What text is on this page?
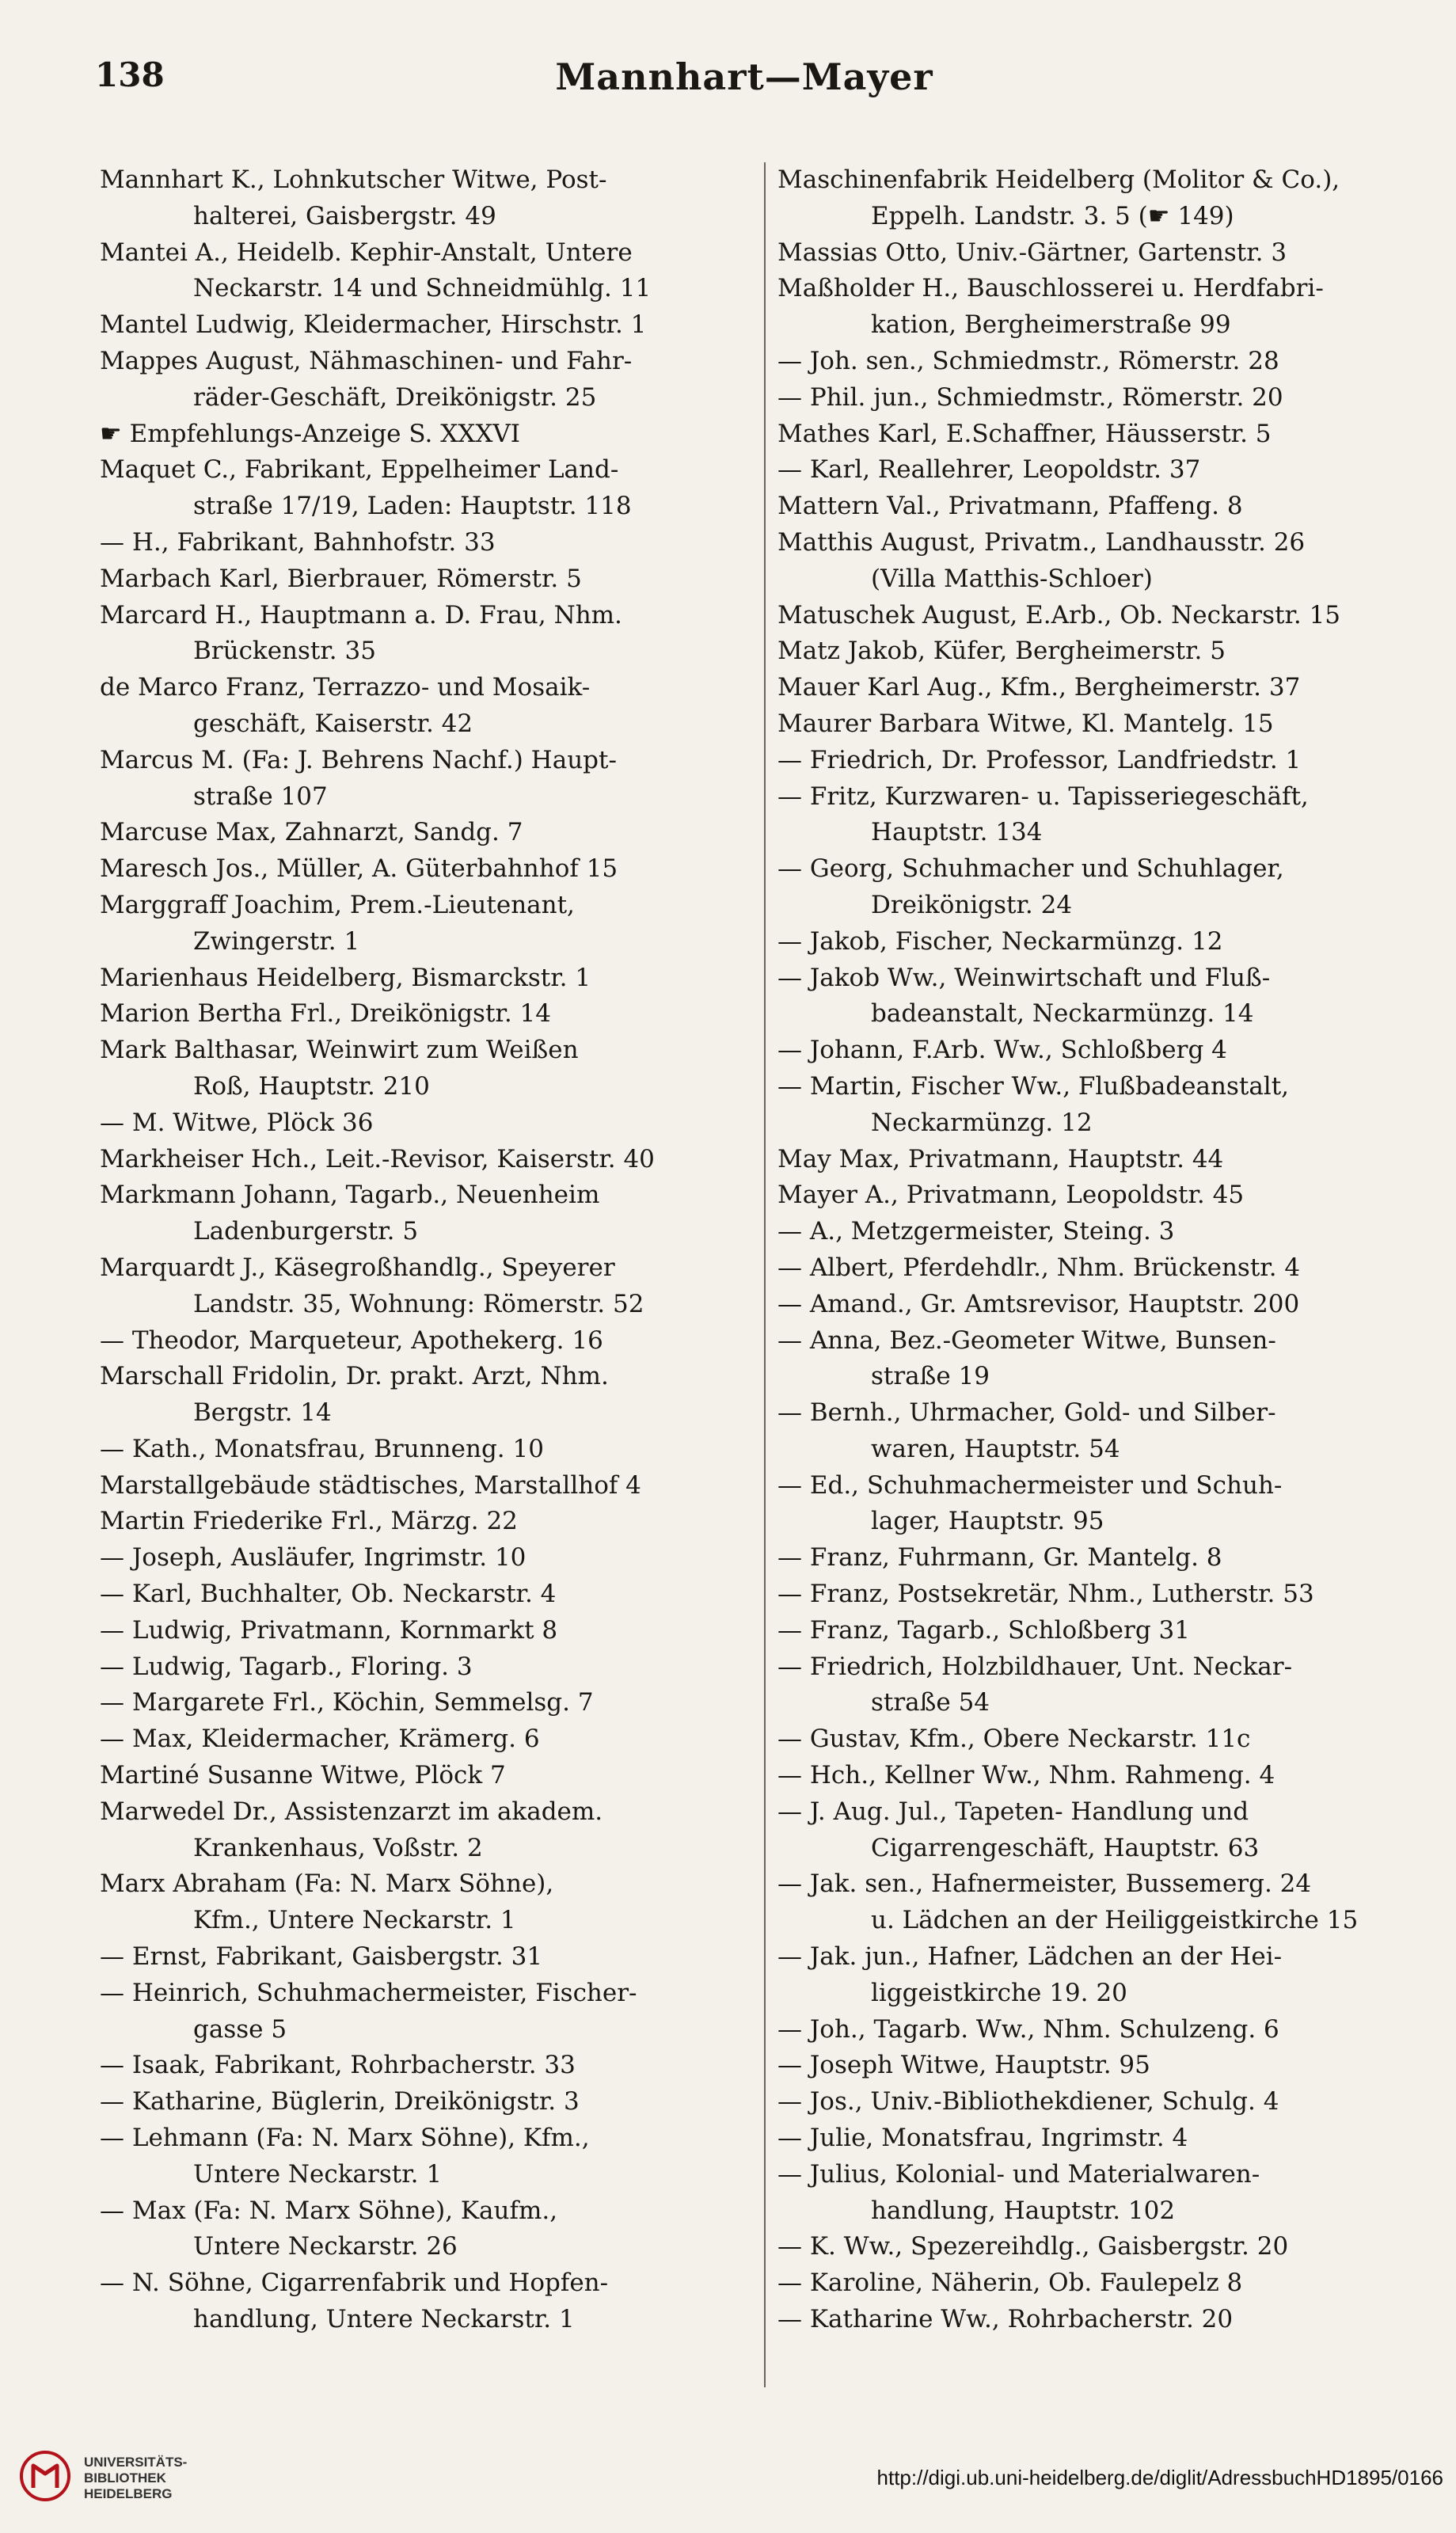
138	Mannhart—Mayer
Mannhart K., Lohnkutscher Witwe, Post-
halterei, Gaisbergstr. 49
Mantei A., Heidelb. Kephir-Anstalt, Untere
Neckarstr. 14 und Schneidmühlg. 11
Mantel Ludwig, Kleidermacher, Hirschstr. 1
Mappes August, Nähmaschinen- und Fahr-
räder-Geschäft, Dreikönigstr. 25
☛ Empfehlungs-Anzeige S. XXXVI
Maquet C., Fabrikant, Eppelheimer Land-
straße 17/19, Laden: Hauptstr. 118
— H., Fabrikant, Bahnhofstr. 33
Marbach Karl, Bierbrauer, Römerstr. 5
Marcard H., Hauptmann a. D. Frau, Nhm.
Brückenstr. 35
de Marco Franz, Terrazzo- und Mosaik-
geschäft, Kaiserstr. 42
Marcus M. (Fa: J. Behrens Nachf.) Haupt-
straße 107
Marcuse Max, Zahnarzt, Sandg. 7
Maresch Jos., Müller, A. Güterbahnhof 15
Marggraff Joachim, Prem.-Lieutenant,
Zwingerstr. 1
Marienhaus Heidelberg, Bismarckstr. 1
Marion Bertha Frl., Dreikönigstr. 14
Mark Balthasar, Weinwirt zum Weißen
Roß, Hauptstr. 210
— M. Witwe, Plöck 36
Markheiser Hch., Leit.-Revisor, Kaiserstr. 40
Markmann Johann, Tagarb., Neuenheim
Ladenburgerstr. 5
Marquardt J., Käsegroßhandlg., Speyerer
Landstr. 35, Wohnung: Römerstr. 52
— Theodor, Marqueteur, Apothekerg. 16
Marschall Fridolin, Dr. prakt. Arzt, Nhm.
Bergstr. 14
— Kath., Monatsfrau, Brunneng. 10
Marstallgebäude städtisches, Marstallhof 4
Martin Friederike Frl., Märzg. 22
— Joseph, Ausläufer, Ingrimstr. 10
— Karl, Buchhalter, Ob. Neckarstr. 4
— Ludwig, Privatmann, Kornmarkt 8
— Ludwig, Tagarb., Floring. 3
— Margarete Frl., Köchin, Semmelsg. 7
— Max, Kleidermacher, Krämerg. 6
Martiné Susanne Witwe, Plöck 7
Marwedel Dr., Assistenzarzt im akadem.
Krankenhaus, Voßstr. 2
Marx Abraham (Fa: N. Marx Söhne),
Kfm., Untere Neckarstr. 1
— Ernst, Fabrikant, Gaisbergstr. 31
— Heinrich, Schuhmachermeister, Fischer-
gasse 5
— Isaak, Fabrikant, Rohrbacherstr. 33
— Katharine, Büglerin, Dreikönigstr. 3
— Lehmann (Fa: N. Marx Söhne), Kfm.,
Untere Neckarstr. 1
— Max (Fa: N. Marx Söhne), Kaufm.,
Untere Neckarstr. 26
— N. Söhne, Cigarrenfabrik und Hopfen-
handlung, Untere Neckarstr. 1
Maschinenfabrik Heidelberg (Molitor & Co.),
Eppelh. Landstr. 3. 5 (☛ 149)
Massias Otto, Univ.-Gärtner, Gartenstr. 3
Maßholder H., Bauschlosserei u. Herdfabri-
kation, Bergheimerstraße 99
— Joh. sen., Schmiedmstr., Römerstr. 28
— Phil. jun., Schmiedmstr., Römerstr. 20
Mathes Karl, E.Schaffner, Häusserstr. 5
— Karl, Reallehrer, Leopoldstr. 37
Mattern Val., Privatmann, Pfaffeng. 8
Matthis August, Privatm., Landhausstr. 26
(Villa Matthis-Schloer)
Matuschek August, E.Arb., Ob. Neckarstr. 15
Matz Jakob, Küfer, Bergheimerstr. 5
Mauer Karl Aug., Kfm., Bergheimerstr. 37
Maurer Barbara Witwe, Kl. Mantelg. 15
— Friedrich, Dr. Professor, Landfriedstr. 1
— Fritz, Kurzwaren- u. Tapisseriegeschäft,
Hauptstr. 134
— Georg, Schuhmacher und Schuhlager,
Dreikönigstr. 24
— Jakob, Fischer, Neckarmünzg. 12
— Jakob Ww., Weinwirtschaft und Fluß-
badeanstalt, Neckarmünzg. 14
— Johann, F.Arb. Ww., Schloßberg 4
— Martin, Fischer Ww., Flußbadeanstalt,
Neckarmünzg. 12
May Max, Privatmann, Hauptstr. 44
Mayer A., Privatmann, Leopoldstr. 45
— A., Metzgermeister, Steing. 3
— Albert, Pferdehdlr., Nhm. Brückenstr. 4
— Amand., Gr. Amtsrevisor, Hauptstr. 200
— Anna, Bez.-Geometer Witwe, Bunsen-
straße 19
— Bernh., Uhrmacher, Gold- und Silber-
waren, Hauptstr. 54
— Ed., Schuhmachermeister und Schuh-
lager, Hauptstr. 95
— Franz, Fuhrmann, Gr. Mantelg. 8
— Franz, Postsekretär, Nhm., Lutherstr. 53
— Franz, Tagarb., Schloßberg 31
— Friedrich, Holzbildhauer, Unt. Neckar-
straße 54
— Gustav, Kfm., Obere Neckarstr. 11c
— Hch., Kellner Ww., Nhm. Rahmeng. 4
— J. Aug. Jul., Tapeten- Handlung und
Cigarrengeschäft, Hauptstr. 63
— Jak. sen., Hafnermeister, Bussemerg. 24
u. Lädchen an der Heiliggeistkirche 15
— Jak. jun., Hafner, Lädchen an der Hei-
liggeistkirche 19. 20
— Joh., Tagarb. Ww., Nhm. Schulzeng. 6
— Joseph Witwe, Hauptstr. 95
— Jos., Univ.-Bibliothekdiener, Schulg. 4
— Julie, Monatsfrau, Ingrimstr. 4
— Julius, Kolonial- und Materialwaren-
handlung, Hauptstr. 102
— K. Ww., Spezereihdlg., Gaisbergstr. 20
— Karoline, Näherin, Ob. Faulepelz 8
— Katharine Ww., Rohrbacherstr. 20
UNIVERSITÄTS-
BIBLIOTHEK
HEIDELBERG
http://digi.ub.uni-heidelberg.de/diglit/AdressbuchHD1895/0166
